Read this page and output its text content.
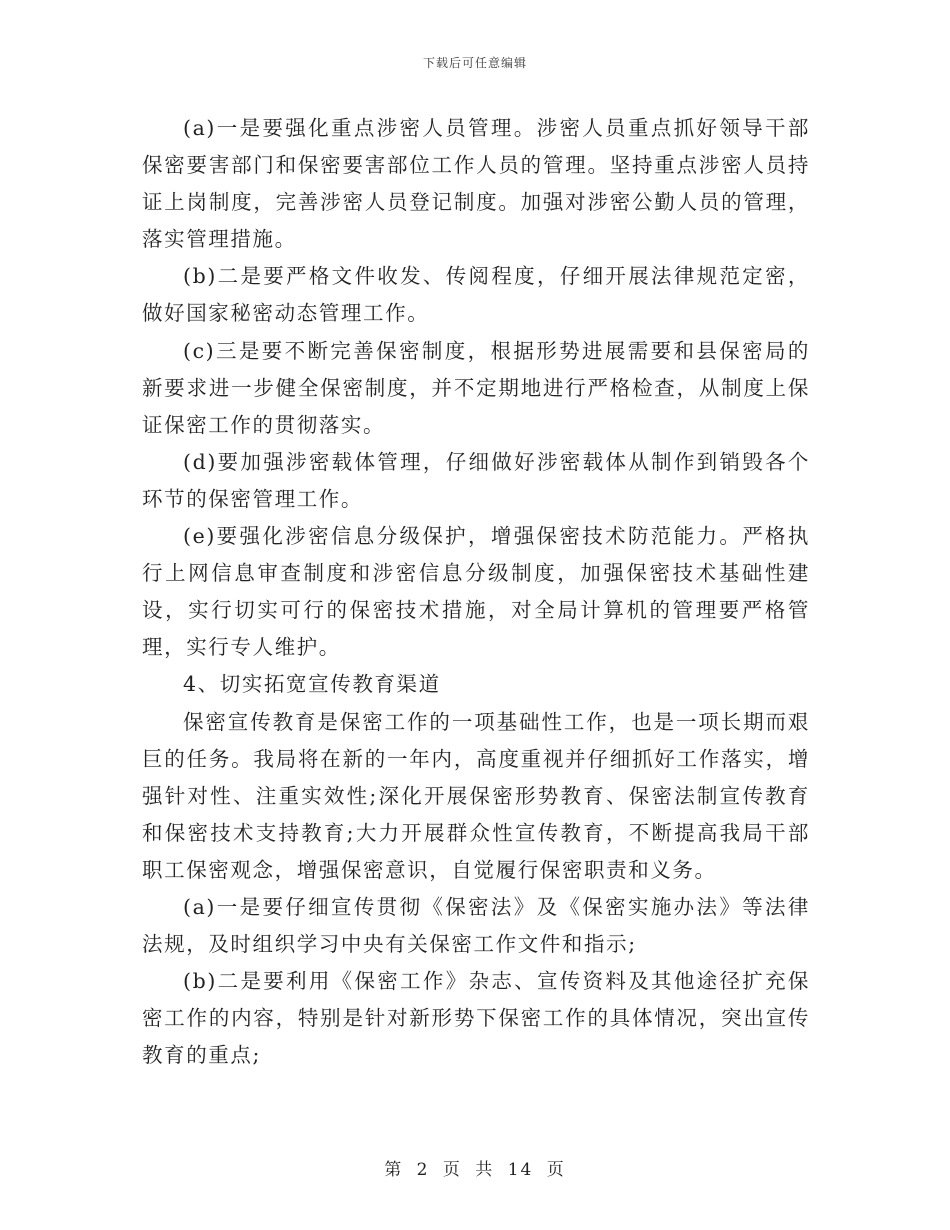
下载后可任意编辑

(a)一是要强化重点涉密人员管理。涉密人员重点抓好领导干部保密要害部门和保密要害部位工作人员的管理。坚持重点涉密人员持证上岗制度，完善涉密人员登记制度。加强对涉密公勤人员的管理，落实管理措施。

(b)二是要严格文件收发、传阅程度，仔细开展法律规范定密，做好国家秘密动态管理工作。

(c)三是要不断完善保密制度，根据形势进展需要和县保密局的新要求进一步健全保密制度，并不定期地进行严格检查，从制度上保证保密工作的贯彻落实。

(d)要加强涉密载体管理，仔细做好涉密载体从制作到销毁各个环节的保密管理工作。

(e)要强化涉密信息分级保护，增强保密技术防范能力。严格执行上网信息审查制度和涉密信息分级制度，加强保密技术基础性建设，实行切实可行的保密技术措施，对全局计算机的管理要严格管理，实行专人维护。

4、切实拓宽宣传教育渠道

保密宣传教育是保密工作的一项基础性工作，也是一项长期而艰巨的任务。我局将在新的一年内，高度重视并仔细抓好工作落实，增强针对性、注重实效性;深化开展保密形势教育、保密法制宣传教育和保密技术支持教育;大力开展群众性宣传教育，不断提高我局干部职工保密观念，增强保密意识，自觉履行保密职责和义务。

(a)一是要仔细宣传贯彻《保密法》及《保密实施办法》等法律法规，及时组织学习中央有关保密工作文件和指示;

(b)二是要利用《保密工作》杂志、宣传资料及其他途径扩充保密工作的内容，特别是针对新形势下保密工作的具体情况，突出宣传教育的重点;

第 2 页 共 14 页
